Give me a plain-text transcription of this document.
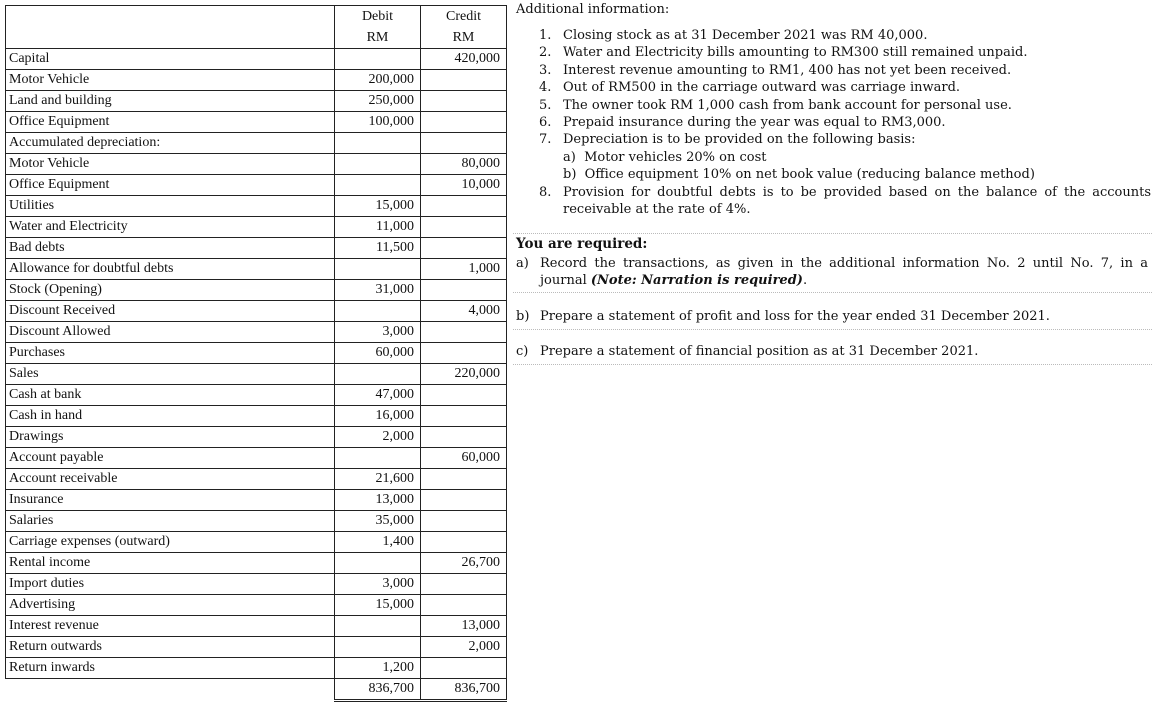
	Debit	Credit
	RM	RM
Capital		420,000
Motor Vehicle	200,000	
Land and building	250,000	
Office Equipment	100,000	
Accumulated depreciation:		
Motor Vehicle		80,000
Office Equipment		10,000
Utilities	15,000	
Water and Electricity	11,000	
Bad debts	11,500	
Allowance for doubtful debts		1,000
Stock (Opening)	31,000	
Discount Received		4,000
Discount Allowed	3,000	
Purchases	60,000	
Sales		220,000
Cash at bank	47,000	
Cash in hand	16,000	
Drawings	2,000	
Account payable		60,000
Account receivable	21,600	
Insurance	13,000	
Salaries	35,000	
Carriage expenses (outward)	1,400	
Rental income		26,700
Import duties	3,000	
Advertising	15,000	
Interest revenue		13,000
Return outwards		2,000
Return inwards	1,200	
	836,700	836,700
Additional information:
1. Closing stock as at 31 December 2021 was RM 40,000.
2. Water and Electricity bills amounting to RM300 still remained unpaid.
3. Interest revenue amounting to RM1, 400 has not yet been received.
4. Out of RM500 in the carriage outward was carriage inward.
5. The owner took RM 1,000 cash from bank account for personal use.
6. Prepaid insurance during the year was equal to RM3,000.
7. Depreciation is to be provided on the following basis:
a) Motor vehicles 20% on cost
b) Office equipment 10% on net book value (reducing balance method)
8. Provision for doubtful debts is to be provided based on the balance of the accounts receivable at the rate of 4%.
You are required:
a) Record the transactions, as given in the additional information No. 2 until No. 7, in a journal (Note: Narration is required).
b) Prepare a statement of profit and loss for the year ended 31 December 2021.
c) Prepare a statement of financial position as at 31 December 2021.
